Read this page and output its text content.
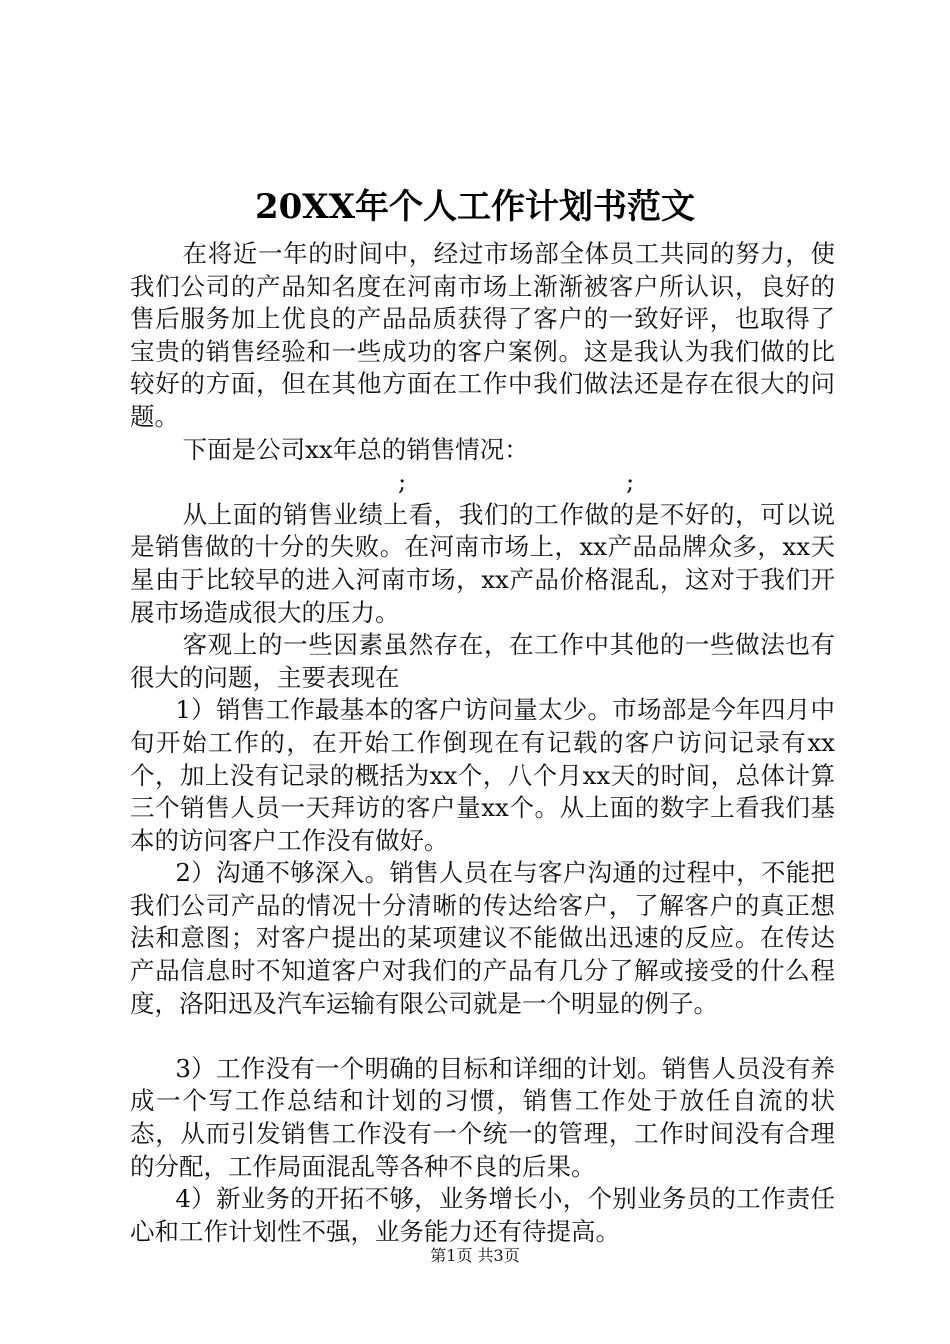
20XX年个人工作计划书范文

在将近一年的时间中，经过市场部全体员工共同的努力，使我们公司的产品知名度在河南市场上渐渐被客户所认识，良好的售后服务加上优良的产品品质获得了客户的一致好评，也取得了宝贵的销售经验和一些成功的客户案例。这是我认为我们做的比较好的方面，但在其他方面在工作中我们做法还是存在很大的问题。

下面是公司xx年总的销售情况：

;	;

从上面的销售业绩上看，我们的工作做的是不好的，可以说是销售做的十分的失败。在河南市场上，xx产品品牌众多，xx天星由于比较早的进入河南市场，xx产品价格混乱，这对于我们开展市场造成很大的压力。

客观上的一些因素虽然存在，在工作中其他的一些做法也有很大的问题，主要表现在

1）销售工作最基本的客户访问量太少。市场部是今年四月中旬开始工作的，在开始工作倒现在有记载的客户访问记录有xx个，加上没有记录的概括为xx个，八个月xx天的时间，总体计算三个销售人员一天拜访的客户量xx个。从上面的数字上看我们基本的访问客户工作没有做好。

2）沟通不够深入。销售人员在与客户沟通的过程中，不能把我们公司产品的情况十分清晰的传达给客户，了解客户的真正想法和意图；对客户提出的某项建议不能做出迅速的反应。在传达产品信息时不知道客户对我们的产品有几分了解或接受的什么程度，洛阳迅及汽车运输有限公司就是一个明显的例子。

3）工作没有一个明确的目标和详细的计划。销售人员没有养成一个写工作总结和计划的习惯，销售工作处于放任自流的状态，从而引发销售工作没有一个统一的管理，工作时间没有合理的分配，工作局面混乱等各种不良的后果。

4）新业务的开拓不够，业务增长小，个别业务员的工作责任心和工作计划性不强，业务能力还有待提高。

第1页 共3页
